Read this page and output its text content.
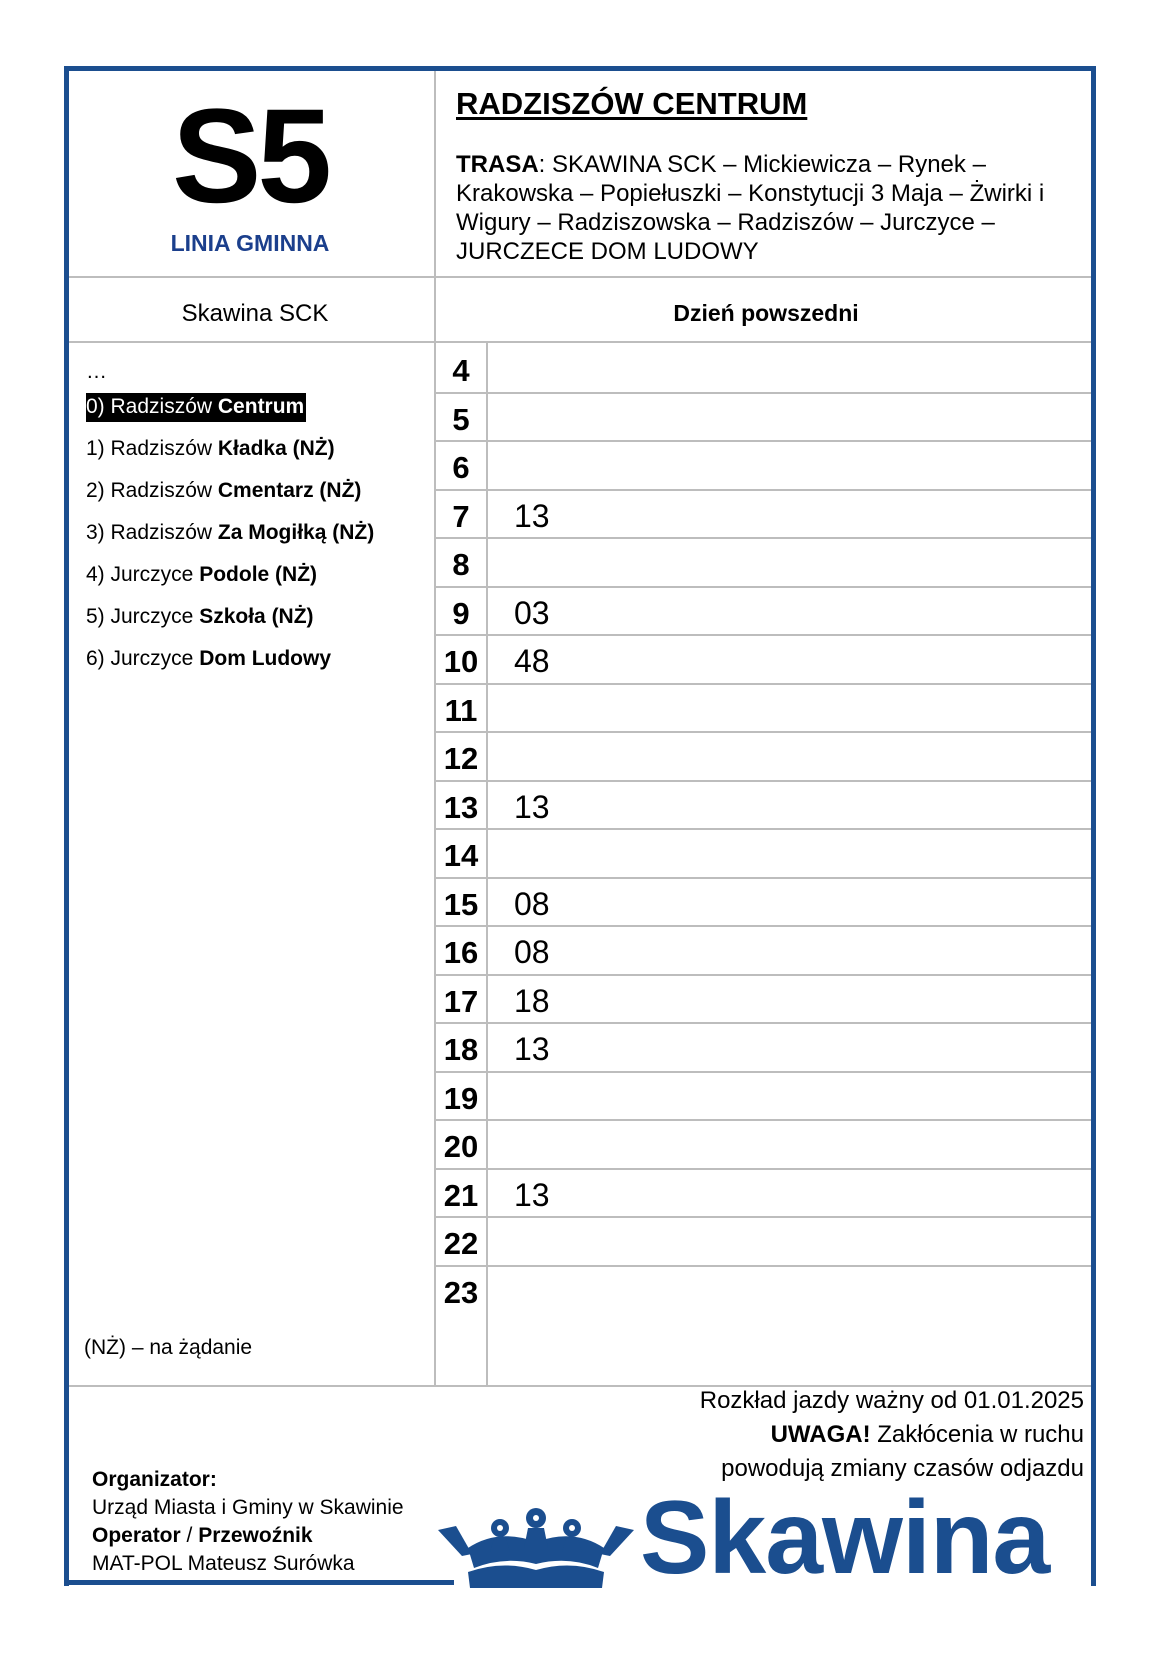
S5
LINIA GMINNA
RADZISZÓW CENTRUM
TRASA: SKAWINA SCK – Mickiewicza – Rynek – Krakowska – Popiełuszki – Konstytucji 3 Maja – Żwirki i Wigury – Radziszowska – Radziszów – Jurczyce – JURCZECE DOM LUDOWY
Skawina SCK	Dzień powszedni
…
0) Radziszów Centrum
1) Radziszów Kładka (NŻ)
2) Radziszów Cmentarz (NŻ)
3) Radziszów Za Mogiłką (NŻ)
4) Jurczyce Podole (NŻ)
5) Jurczyce Szkoła (NŻ)
6) Jurczyce Dom Ludowy
(NŻ) – na żądanie
4
5
6
7
8
9
10
11
12
13
14
15
16
17
18
19
20
21
22
23
13
03
48
13
08
08
18
13
13
Rozkład jazdy ważny od 01.01.2025
UWAGA! Zakłócenia w ruchu
powodują zmiany czasów odjazdu
Organizator:
Urząd Miasta i Gminy w Skawinie
Operator / Przewoźnik
MAT-POL Mateusz Surówka	Skawina
